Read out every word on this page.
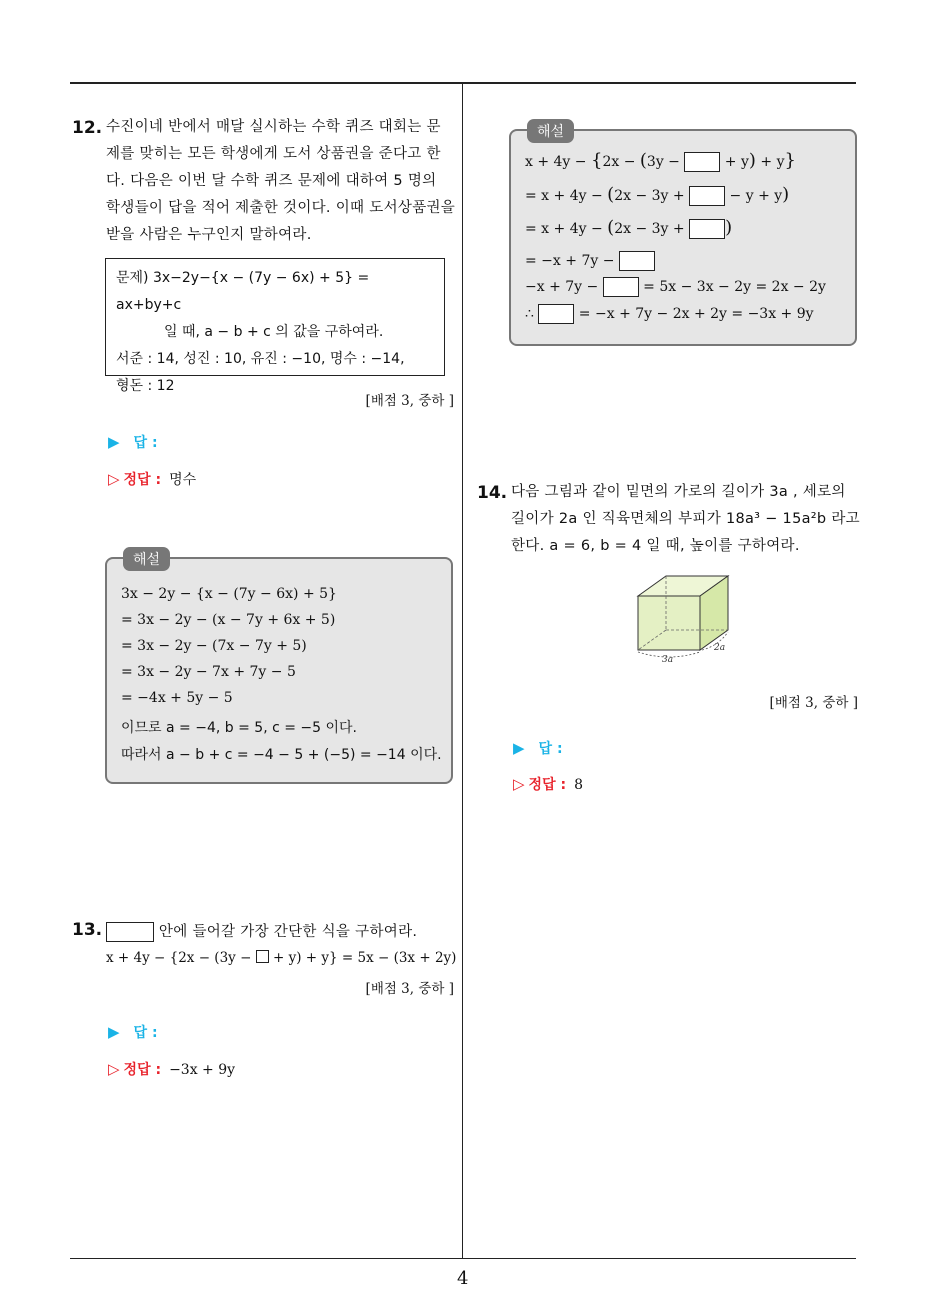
12. 수진이네 반에서 매달 실시하는 수학 퀴즈 대회는 문
제를 맞히는 모든 학생에게 도서 상품권을 준다고 한
다. 다음은 이번 달 수학 퀴즈 문제에 대하여 5 명의
학생들이 답을 적어 제출한 것이다. 이때 도서상품권을
받을 사람은 누구인지 말하여라.
문제) 3x−2y−{x − (7y − 6x) + 5} = ax+by+c
일 때, a − b + c 의 값을 구하여라.
서준 : 14, 성진 : 10, 유진 : −10, 명수 : −14,
형돈 : 12
[배점 3, 중하 ]
▶ 답 :
▷ 정답 : 명수
해설
3x − 2y − {x − (7y − 6x) + 5}
= 3x − 2y − (x − 7y + 6x + 5)
= 3x − 2y − (7x − 7y + 5)
= 3x − 2y − 7x + 7y − 5
= −4x + 5y − 5
이므로 a = −4, b = 5, c = −5 이다.
따라서 a − b + c = −4 − 5 + (−5) = −14 이다.
13.	안에 들어갈 가장 간단한 식을 구하여라.
x + 4y − {2x − (3y −  + y) + y} = 5x − (3x + 2y)
[배점 3, 중하 ]
▶ 답 :
▷ 정답 : −3x + 9y
해설
x + 4y − {2x − (3y −	+ y) + y}
= x + 4y − (2x − 3y +	− y + y)
= x + 4y − (2x − 3y + )
= −x + 7y −
−x + 7y −	= 5x − 3x − 2y = 2x − 2y
∴	= −x + 7y − 2x + 2y = −3x + 9y
14. 다음 그림과 같이 밑면의 가로의 길이가 3a , 세로의
길이가 2a 인 직육면체의 부피가 18a³ − 15a²b 라고
한다. a = 6, b = 4 일 때, 높이를 구하여라.
3a
2a
[배점 3, 중하 ]
▶ 답 :
▷ 정답 : 8
4
